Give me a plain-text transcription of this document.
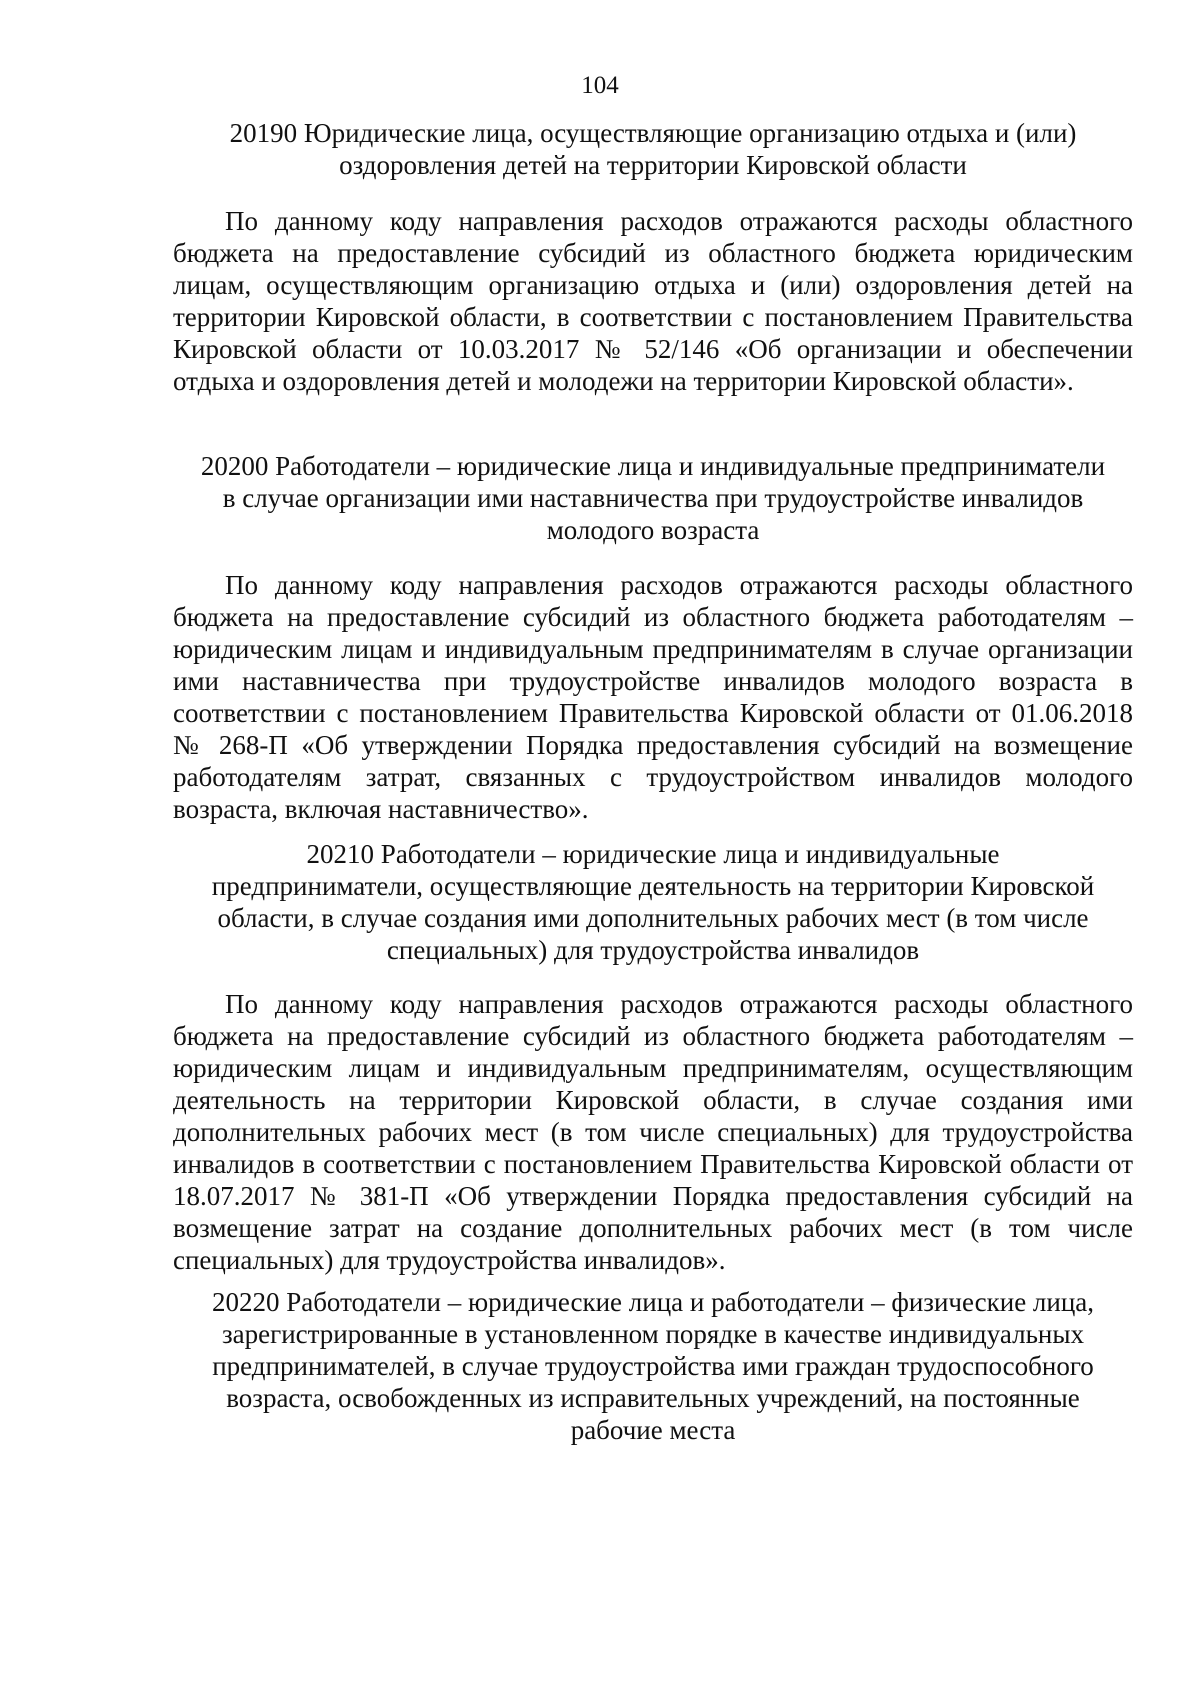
104

20190 Юридические лица, осуществляющие организацию отдыха и (или)
оздоровления детей на территории Кировской области

По данному коду направления расходов отражаются расходы областного бюджета на предоставление субсидий из областного бюджета юридическим лицам, осуществляющим организацию отдыха и (или) оздоровления детей на территории Кировской области, в соответствии с постановлением Правительства Кировской области от 10.03.2017 № 52/146 «Об организации и обеспечении отдыха и оздоровления детей и молодежи на территории Кировской области».

20200 Работодатели – юридические лица и индивидуальные предприниматели
в случае организации ими наставничества при трудоустройстве инвалидов
молодого возраста

По данному коду направления расходов отражаются расходы областного бюджета на предоставление субсидий из областного бюджета работодателям – юридическим лицам и индивидуальным предпринимателям в случае организации ими наставничества при трудоустройстве инвалидов молодого возраста в соответствии с постановлением Правительства Кировской области от 01.06.2018 № 268-П «Об утверждении Порядка предоставления субсидий на возмещение работодателям затрат, связанных с трудоустройством инвалидов молодого возраста, включая наставничество».

20210 Работодатели – юридические лица и индивидуальные
предприниматели, осуществляющие деятельность на территории Кировской
области, в случае создания ими дополнительных рабочих мест (в том числе
специальных) для трудоустройства инвалидов

По данному коду направления расходов отражаются расходы областного бюджета на предоставление субсидий из областного бюджета работодателям – юридическим лицам и индивидуальным предпринимателям, осуществляющим деятельность на территории Кировской области, в случае создания ими дополнительных рабочих мест (в том числе специальных) для трудоустройства инвалидов в соответствии с постановлением Правительства Кировской области от 18.07.2017 № 381-П «Об утверждении Порядка предоставления субсидий на возмещение затрат на создание дополнительных рабочих мест (в том числе специальных) для трудоустройства инвалидов».

20220 Работодатели – юридические лица и работодатели – физические лица,
зарегистрированные в установленном порядке в качестве индивидуальных
предпринимателей, в случае трудоустройства ими граждан трудоспособного
возраста, освобожденных из исправительных учреждений, на постоянные
рабочие места
